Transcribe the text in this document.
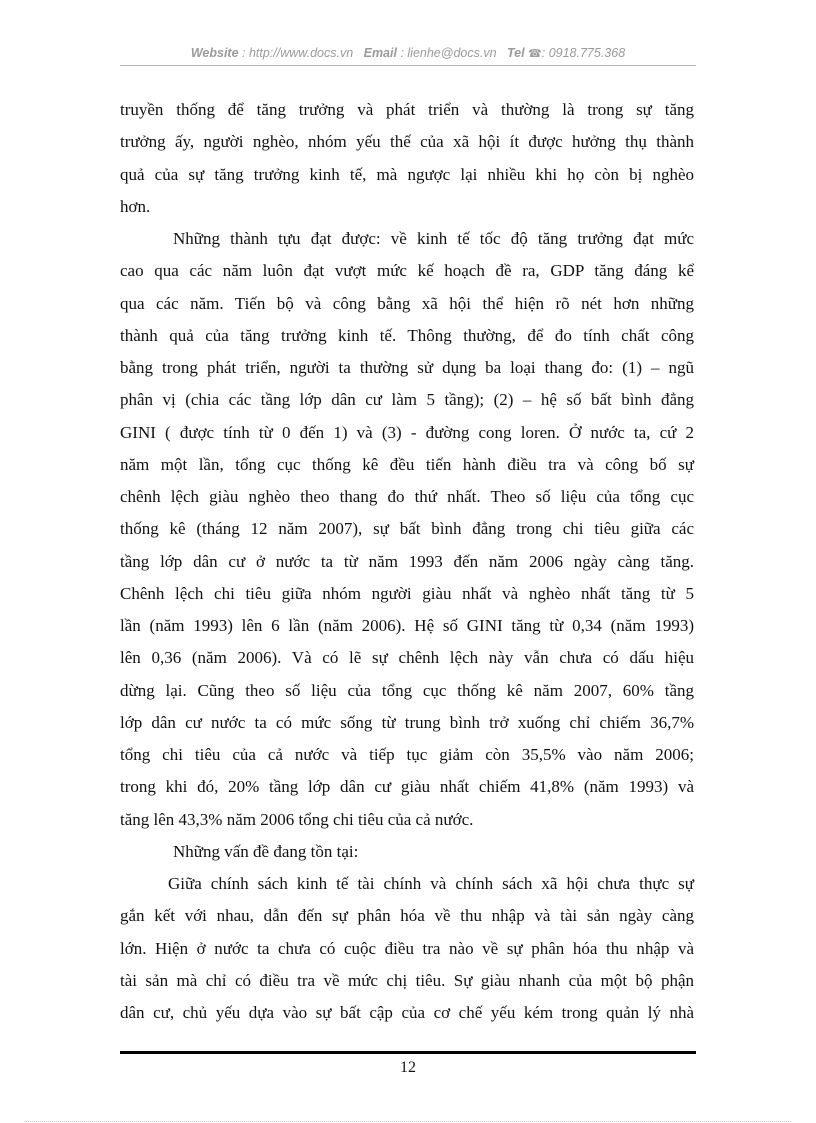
Website : http://www.docs.vn Email : lienhe@docs.vn Tel ☎: 0918.775.368
truyền thống để tăng trưởng và phát triển và thường là trong sự tăng
trưởng ấy, người nghèo, nhóm yếu thế của xã hội ít được hưởng thụ thành
quả của sự tăng trưởng kinh tế, mà ngược lại nhiều khi họ còn bị nghèo
hơn.
Những thành tựu đạt được: về kinh tế tốc độ tăng trưởng đạt mức
cao qua các năm luôn đạt vượt mức kế hoạch đề ra, GDP tăng đáng kể
qua các năm. Tiến bộ và công bằng xã hội thể hiện rõ nét hơn những
thành quả của tăng trưởng kinh tế. Thông thường, để đo tính chất công
bằng trong phát triển, người ta thường sử dụng ba loại thang đo: (1) – ngũ
phân vị (chia các tầng lớp dân cư làm 5 tầng); (2) – hệ số bất bình đẳng
GINI ( được tính từ 0 đến 1) và (3) - đường cong loren. Ở nước ta, cứ 2
năm một lần, tổng cục thống kê đều tiến hành điều tra và công bố sự
chênh lệch giàu nghèo theo thang đo thứ nhất. Theo số liệu của tổng cục
thống kê (tháng 12 năm 2007), sự bất bình đẳng trong chi tiêu giữa các
tầng lớp dân cư ở nước ta từ năm 1993 đến năm 2006 ngày càng tăng.
Chênh lệch chi tiêu giữa nhóm người giàu nhất và nghèo nhất tăng từ 5
lần (năm 1993) lên 6 lần (năm 2006). Hệ số GINI tăng từ 0,34 (năm 1993)
lên 0,36 (năm 2006). Và có lẽ sự chênh lệch này vẫn chưa có dấu hiệu
dừng lại. Cũng theo số liệu của tổng cục thống kê năm 2007, 60% tầng
lớp dân cư nước ta có mức sống từ trung bình trở xuống chỉ chiếm 36,7%
tổng chi tiêu của cả nước và tiếp tục giảm còn 35,5% vào năm 2006;
trong khi đó, 20% tầng lớp dân cư giàu nhất chiếm 41,8% (năm 1993) và
tăng lên 43,3% năm 2006 tổng chi tiêu của cả nước.
Những vấn đề đang tồn tại:
Giữa chính sách kinh tế tài chính và chính sách xã hội chưa thực sự
gắn kết với nhau, dẫn đến sự phân hóa về thu nhập và tài sản ngày càng
lớn. Hiện ở nước ta chưa có cuộc điều tra nào về sự phân hóa thu nhập và
tài sản mà chỉ có điều tra về mức chị tiêu. Sự giàu nhanh của một bộ phận
dân cư, chủ yếu dựa vào sự bất cập của cơ chế yếu kém trong quản lý nhà
12
